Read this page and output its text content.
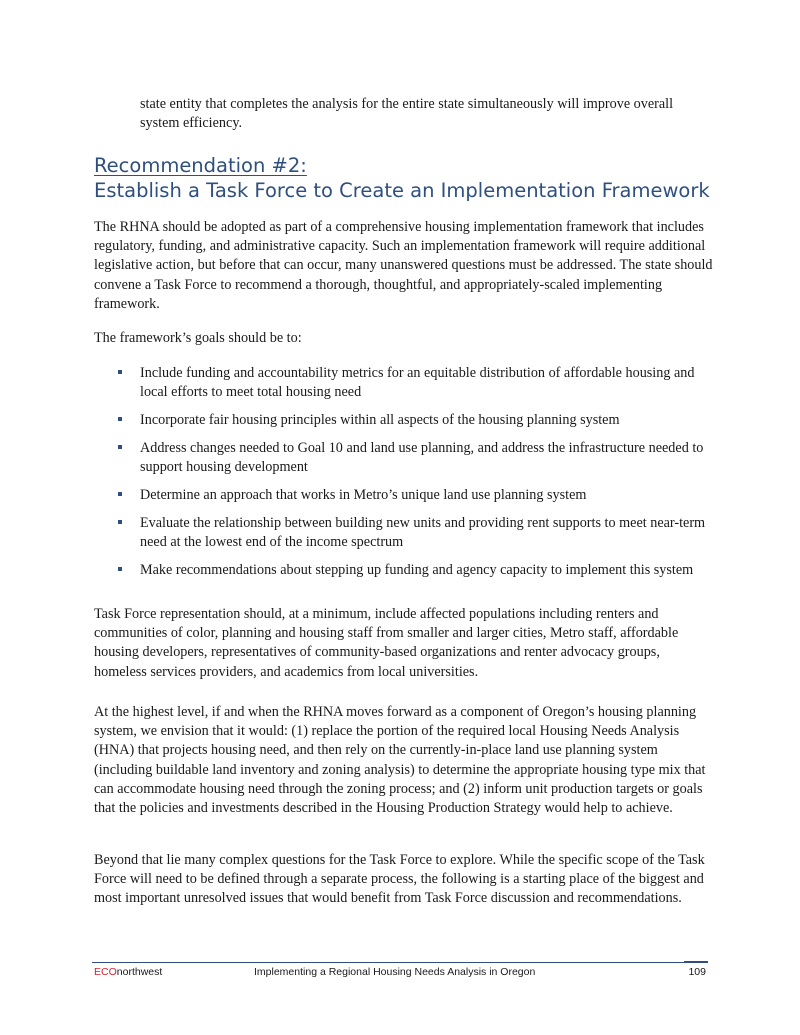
state entity that completes the analysis for the entire state simultaneously will improve overall system efficiency.
Recommendation #2:
Establish a Task Force to Create an Implementation Framework
The RHNA should be adopted as part of a comprehensive housing implementation framework that includes regulatory, funding, and administrative capacity. Such an implementation framework will require additional legislative action, but before that can occur, many unanswered questions must be addressed. The state should convene a Task Force to recommend a thorough, thoughtful, and appropriately-scaled implementing framework.
The framework’s goals should be to:
Include funding and accountability metrics for an equitable distribution of affordable housing and local efforts to meet total housing need
Incorporate fair housing principles within all aspects of the housing planning system
Address changes needed to Goal 10 and land use planning, and address the infrastructure needed to support housing development
Determine an approach that works in Metro’s unique land use planning system
Evaluate the relationship between building new units and providing rent supports to meet near-term need at the lowest end of the income spectrum
Make recommendations about stepping up funding and agency capacity to implement this system
Task Force representation should, at a minimum, include affected populations including renters and communities of color, planning and housing staff from smaller and larger cities, Metro staff, affordable housing developers, representatives of community-based organizations and renter advocacy groups, homeless services providers, and academics from local universities.
At the highest level, if and when the RHNA moves forward as a component of Oregon’s housing planning system, we envision that it would: (1) replace the portion of the required local Housing Needs Analysis (HNA) that projects housing need, and then rely on the currently-in-place land use planning system (including buildable land inventory and zoning analysis) to determine the appropriate housing type mix that can accommodate housing need through the zoning process; and (2) inform unit production targets or goals that the policies and investments described in the Housing Production Strategy would help to achieve.
Beyond that lie many complex questions for the Task Force to explore. While the specific scope of the Task Force will need to be defined through a separate process, the following is a starting place of the biggest and most important unresolved issues that would benefit from Task Force discussion and recommendations.
ECOnorthwest	Implementing a Regional Housing Needs Analysis in Oregon	109
